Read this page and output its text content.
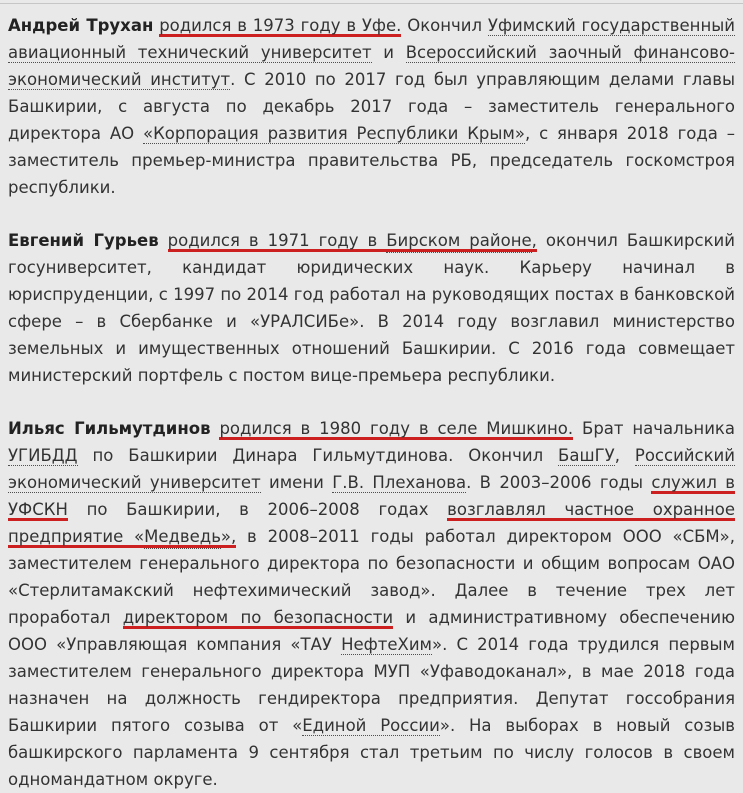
Андрей Трухан родился в 1973 году в Уфе. Окончил Уфимский государственный авиационный технический университет и Всероссийский заочный финансово-экономический институт. С 2010 по 2017 год был управляющим делами главы Башкирии, с августа по декабрь 2017 года – заместитель генерального директора АО «Корпорация развития Республики Крым», с января 2018 года – заместитель премьер-министра правительства РБ, председатель госкомстроя республики.

Евгений Гурьев родился в 1971 году в Бирском районе, окончил Башкирский госуниверситет, кандидат юридических наук. Карьеру начинал в юриспруденции, с 1997 по 2014 год работал на руководящих постах в банковской сфере – в Сбербанке и «УРАЛСИБе». В 2014 году возглавил министерство земельных и имущественных отношений Башкирии. С 2016 года совмещает министерский портфель с постом вице-премьера республики.

Ильяс Гильмутдинов родился в 1980 году в селе Мишкино. Брат начальника УГИБДД по Башкирии Динара Гильмутдинова. Окончил БашГУ, Российский экономический университет имени Г.В. Плеханова. В 2003–2006 годы служил в УФСКН по Башкирии, в 2006–2008 годах возглавлял частное охранное предприятие «Медведь», в 2008–2011 годы работал директором ООО «СБМ», заместителем генерального директора по безопасности и общим вопросам ОАО «Стерлитамакский нефтехимический завод». Далее в течение трех лет проработал директором по безопасности и административному обеспечению ООО «Управляющая компания «ТАУ НефтеХим». С 2014 года трудился первым заместителем генерального директора МУП «Уфаводоканал», в мае 2018 года назначен на должность гендиректора предприятия. Депутат госсобрания Башкирии пятого созыва от «Единой России». На выборах в новый созыв башкирского парламента 9 сентября стал третьим по числу голосов в своем одномандатном округе.
